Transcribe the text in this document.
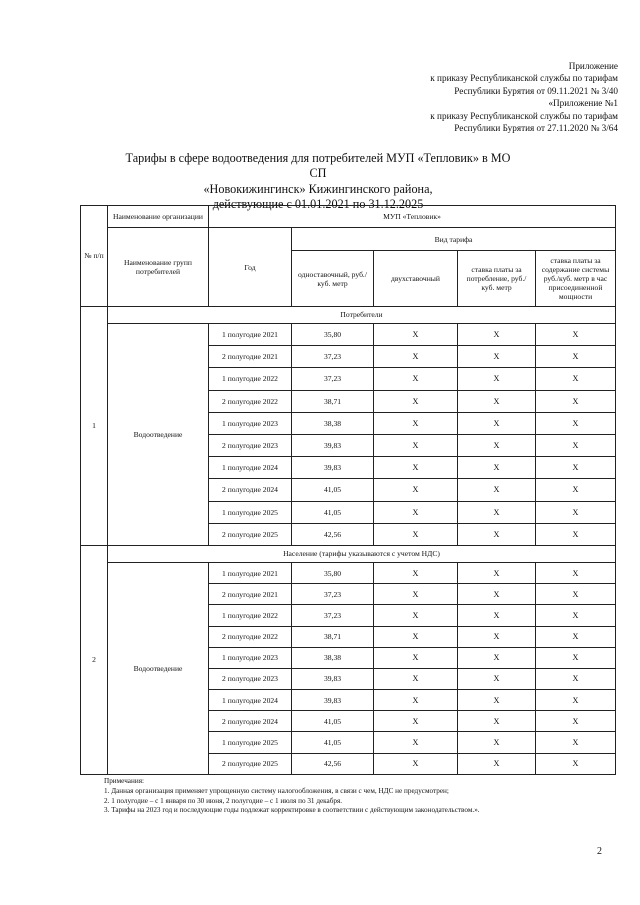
Приложение
к приказу Республиканской службы по тарифам
Республики Бурятия от 09.11.2021 № 3/40
«Приложение №1
к приказу Республиканской службы по тарифам
Республики Бурятия от 27.11.2020 № 3/64
Тарифы в сфере водоотведения для потребителей МУП «Тепловик» в МО СП
«Новокижингинск» Кижингинского района,
действующие с 01.01.2021 по 31.12.2025
№ п/п	Наименование организации	МУП «Тепловик»				
	Наименование групп потребителей	Год	Вид тарифа			
			одноставочный, руб./ куб. метр	двухставочный	ставка платы за потребление, руб./ куб. метр	ставка платы за содержание системы руб./куб. метр в час присоединенной мощности
1	Потребители					
	Водоотведение	1 полугодие 2021	35,80	Х	Х	Х
		2 полугодие 2021	37,23	Х	Х	Х
		1 полугодие 2022	37,23	Х	Х	Х
		2 полугодие 2022	38,71	Х	Х	Х
		1 полугодие 2023	38,38	Х	Х	Х
		2 полугодие 2023	39,83	Х	Х	Х
		1 полугодие 2024	39,83	Х	Х	Х
		2 полугодие 2024	41,05	Х	Х	Х
		1 полугодие 2025	41,05	Х	Х	Х
		2 полугодие 2025	42,56	Х	Х	Х
2	Население (тарифы указываются с учетом НДС)					
	Водоотведение	1 полугодие 2021	35,80	Х	Х	Х
		2 полугодие 2021	37,23	Х	Х	Х
		1 полугодие 2022	37,23	Х	Х	Х
		2 полугодие 2022	38,71	Х	Х	Х
		1 полугодие 2023	38,38	Х	Х	Х
		2 полугодие 2023	39,83	Х	Х	Х
		1 полугодие 2024	39,83	Х	Х	Х
		2 полугодие 2024	41,05	Х	Х	Х
		1 полугодие 2025	41,05	Х	Х	Х
		2 полугодие 2025	42,56	Х	Х	Х
Примечания:
1. Данная организация применяет упрощенную систему налогообложения, в связи с чем, НДС не предусмотрен;
2. 1 полугодие – с 1 января по 30 июня, 2 полугодие – с 1 июля по 31 декабря.
3. Тарифы на 2023 год и последующие годы подлежат корректировке в соответствии с действующим законодательством.».
2
